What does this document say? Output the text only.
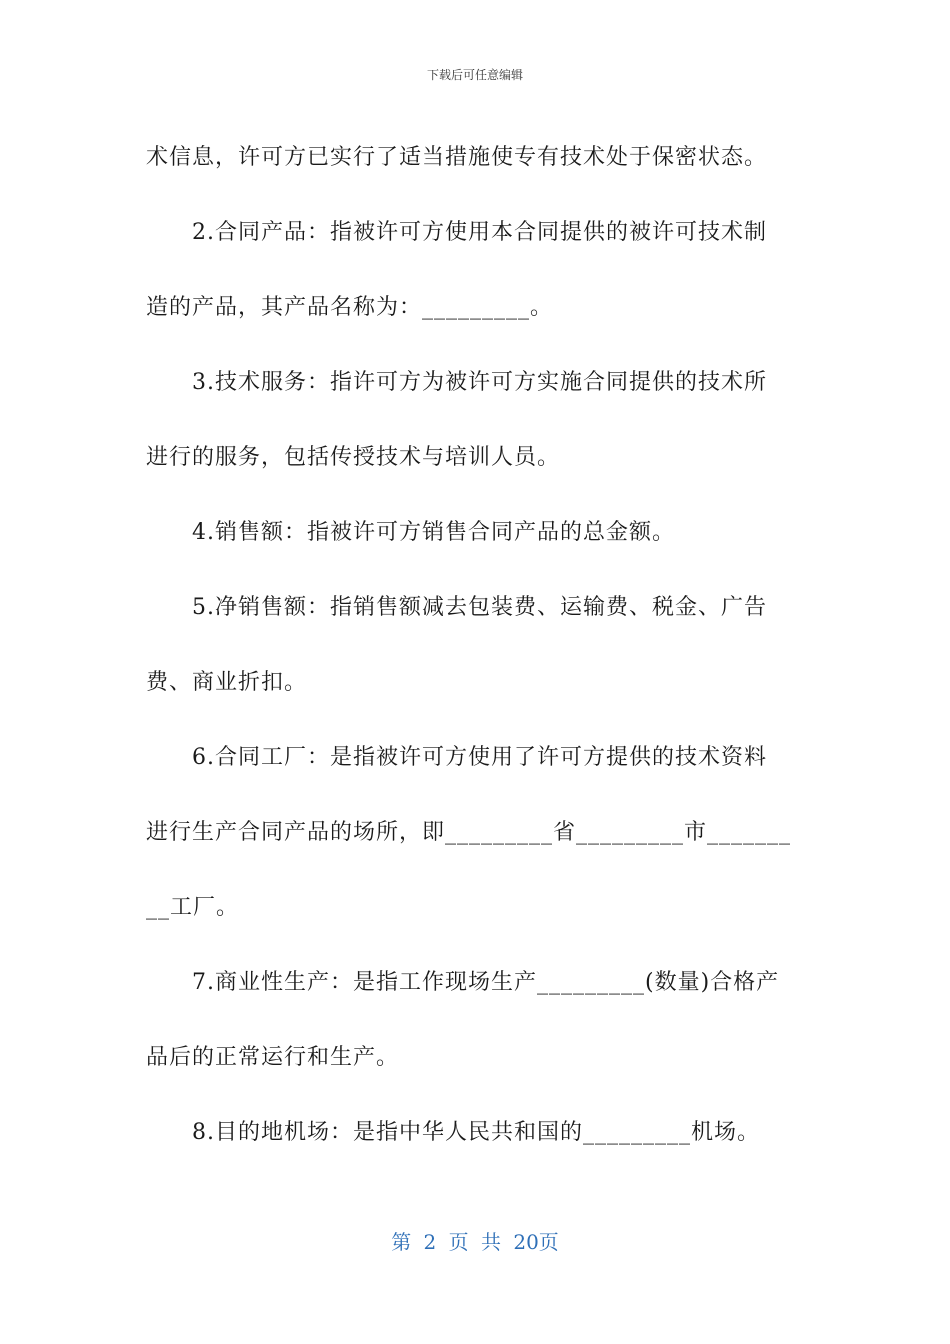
下载后可任意编辑
术信息，许可方已实行了适当措施使专有技术处于保密状态。
2.合同产品：指被许可方使用本合同提供的被许可技术制
造的产品，其产品名称为：_________。
3.技术服务：指许可方为被许可方实施合同提供的技术所
进行的服务，包括传授技术与培训人员。
4.销售额：指被许可方销售合同产品的总金额。
5.净销售额：指销售额减去包装费、运输费、税金、广告
费、商业折扣。
6.合同工厂：是指被许可方使用了许可方提供的技术资料
进行生产合同产品的场所，即_________省_________市_______
__工厂。
7.商业性生产：是指工作现场生产_________(数量)合格产
品后的正常运行和生产。
8.目的地机场：是指中华人民共和国的_________机场。
第 2 页 共 20页
